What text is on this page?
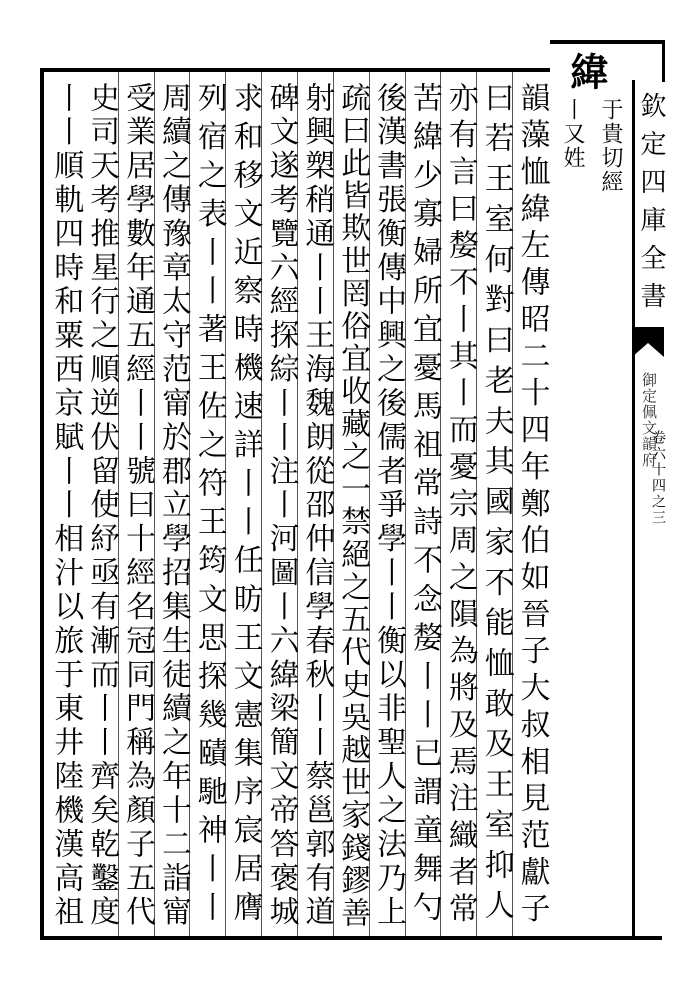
緯
于貴切經
丨又姓 欽定四庫全書
御定佩文韻府
卷六十四之三
韻藻恤緯左傳昭二十四年鄭伯如晉子大叔相見范獻子
曰若王室何對曰老夫其國家不能恤敢及王室抑人
亦有言曰嫠不丨其丨而憂宗周之隕為將及焉注織者常
苦緯少寡婦所宜憂馬祖常詩不念嫠丨丨已謂童舞勺
後漢書張衡傳中興之後儒者爭學丨丨衡以非聖人之法乃上
疏曰此皆欺世罔俗宜收藏之一禁絕之五代史吳越世家錢鏐善
射興槊稍通丨丨王海魏朗從邵仲信學春秋丨丨蔡邕郭有道
碑文遂考覽六經探綜丨丨注丨河圖丨六緯梁簡文帝答褒城
求和移文近察時機速詳丨丨任昉王文憲集序宸居膺
列宿之表丨丨著王佐之符王筠文思探幾賾馳神丨丨
周續之傳豫章太守范甯於郡立學招集生徒續之年十二詣甯
受業居學數年通五經丨丨號曰十經名冠同門稱為顏子五代
史司天考推星行之順逆伏留使紓亟有漸而丨丨齊矣乾鑿度
丨丨順軌四時和粟西京賦丨丨相汁以旅于東井陸機漢高祖
